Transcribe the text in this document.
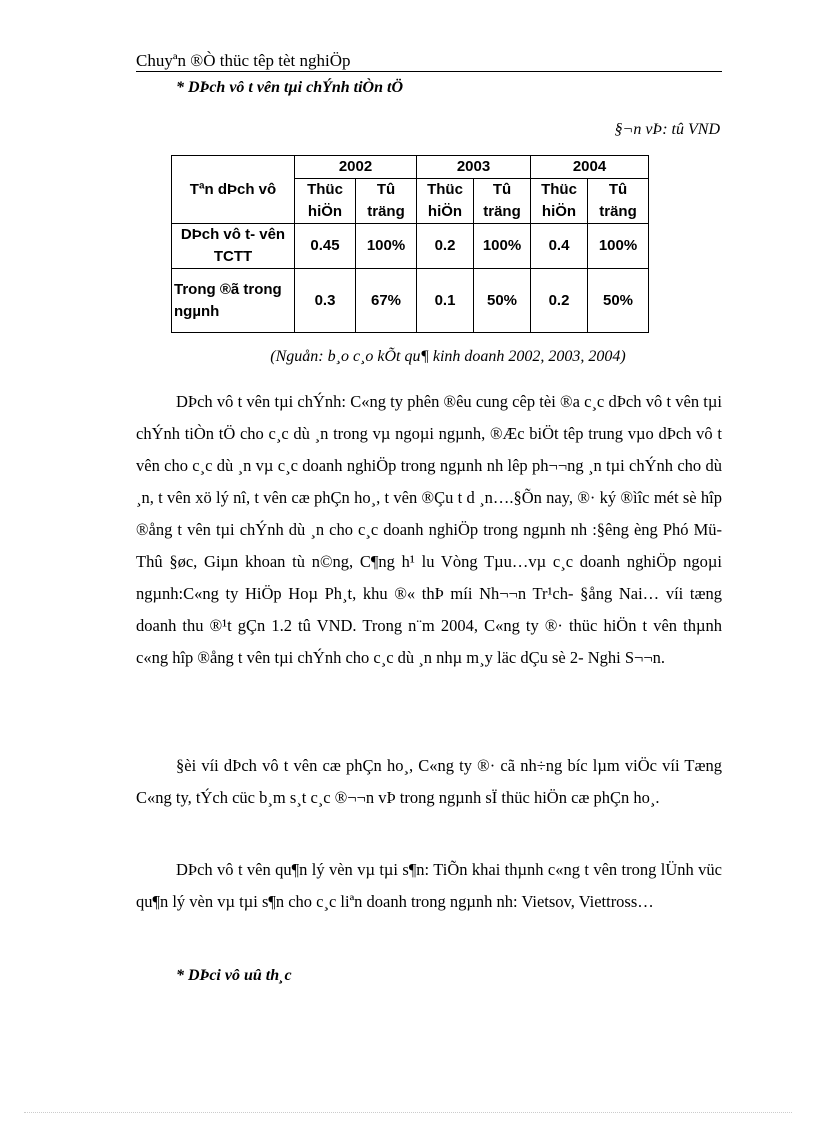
Chuyªn ®Ò thüc têp tèt nghiÖp
* DÞch vô t vên tµi chÝnh tiÒn tÖ
§¬n vÞ: tû VND
Tªn dÞch vô	2002		2003		2004	
	Thüc hiÖn	Tû träng	Thüc hiÖn	Tû träng	Thüc hiÖn	Tû träng
DÞch vô t- vên TCTT	0.45	100%	0.2	100%	0.4	100%
Trong ®ã trong ngµnh	0.3	67%	0.1	50%	0.2	50%
(Nguån: b¸o c¸o kÕt qu¶ kinh doanh 2002, 2003, 2004)
DÞch vô t vên tµi chÝnh: C«ng ty phên ®êu cung cêp tèi ®a c¸c dÞch vô t vên tµi chÝnh tiÒn tÖ cho c¸c dù ¸n trong vµ ngoµi ngµnh, ®Æc biÖt têp trung vµo dÞch vô t vên cho c¸c dù ¸n vµ c¸c doanh nghiÖp trong ngµnh nh lêp ph¬¬ng ¸n tµi chÝnh cho dù ¸n, t vên xö lý nî, t vên cæ phÇn ho¸, t vên ®Çu t d ¸n….§Õn nay, ®· ký ®ìîc mét sè hîp ®ång t vên tµi chÝnh dù ¸n cho c¸c doanh nghiÖp trong ngµnh nh :§êng èng Phó Mü- Thû §øc, Giµn khoan tù n©ng, C¶ng h¹ lu Vòng Tµu…vµ c¸c doanh nghiÖp ngoµi ngµnh:C«ng ty HiÖp Hoµ Ph¸t, khu ®« thÞ míi Nh¬¬n Tr¹ch- §ång Nai… víi tæng doanh thu ®¹t gÇn 1.2 tû VND. Trong n¨m 2004, C«ng ty ®· thüc hiÖn t vên thµnh c«ng hîp ®ång t vên tµi chÝnh cho c¸c dù ¸n nhµ m¸y läc dÇu sè 2- Nghi S¬¬n.
§èi víi dÞch vô t vên cæ phÇn ho¸, C«ng ty ®· cã nh÷ng bíc lµm viÖc víi Tæng C«ng ty, tÝch cüc b¸m s¸t c¸c ®¬¬n vÞ trong ngµnh sÏ thüc hiÖn cæ phÇn ho¸.
DÞch vô t vên qu¶n lý vèn vµ tµi s¶n: TiÕn khai thµnh c«ng t vên trong lÜnh vüc qu¶n lý vèn vµ tµi s¶n cho c¸c liªn doanh trong ngµnh nh: Vietsov, Viettross…
* DÞci vô uû th¸c
